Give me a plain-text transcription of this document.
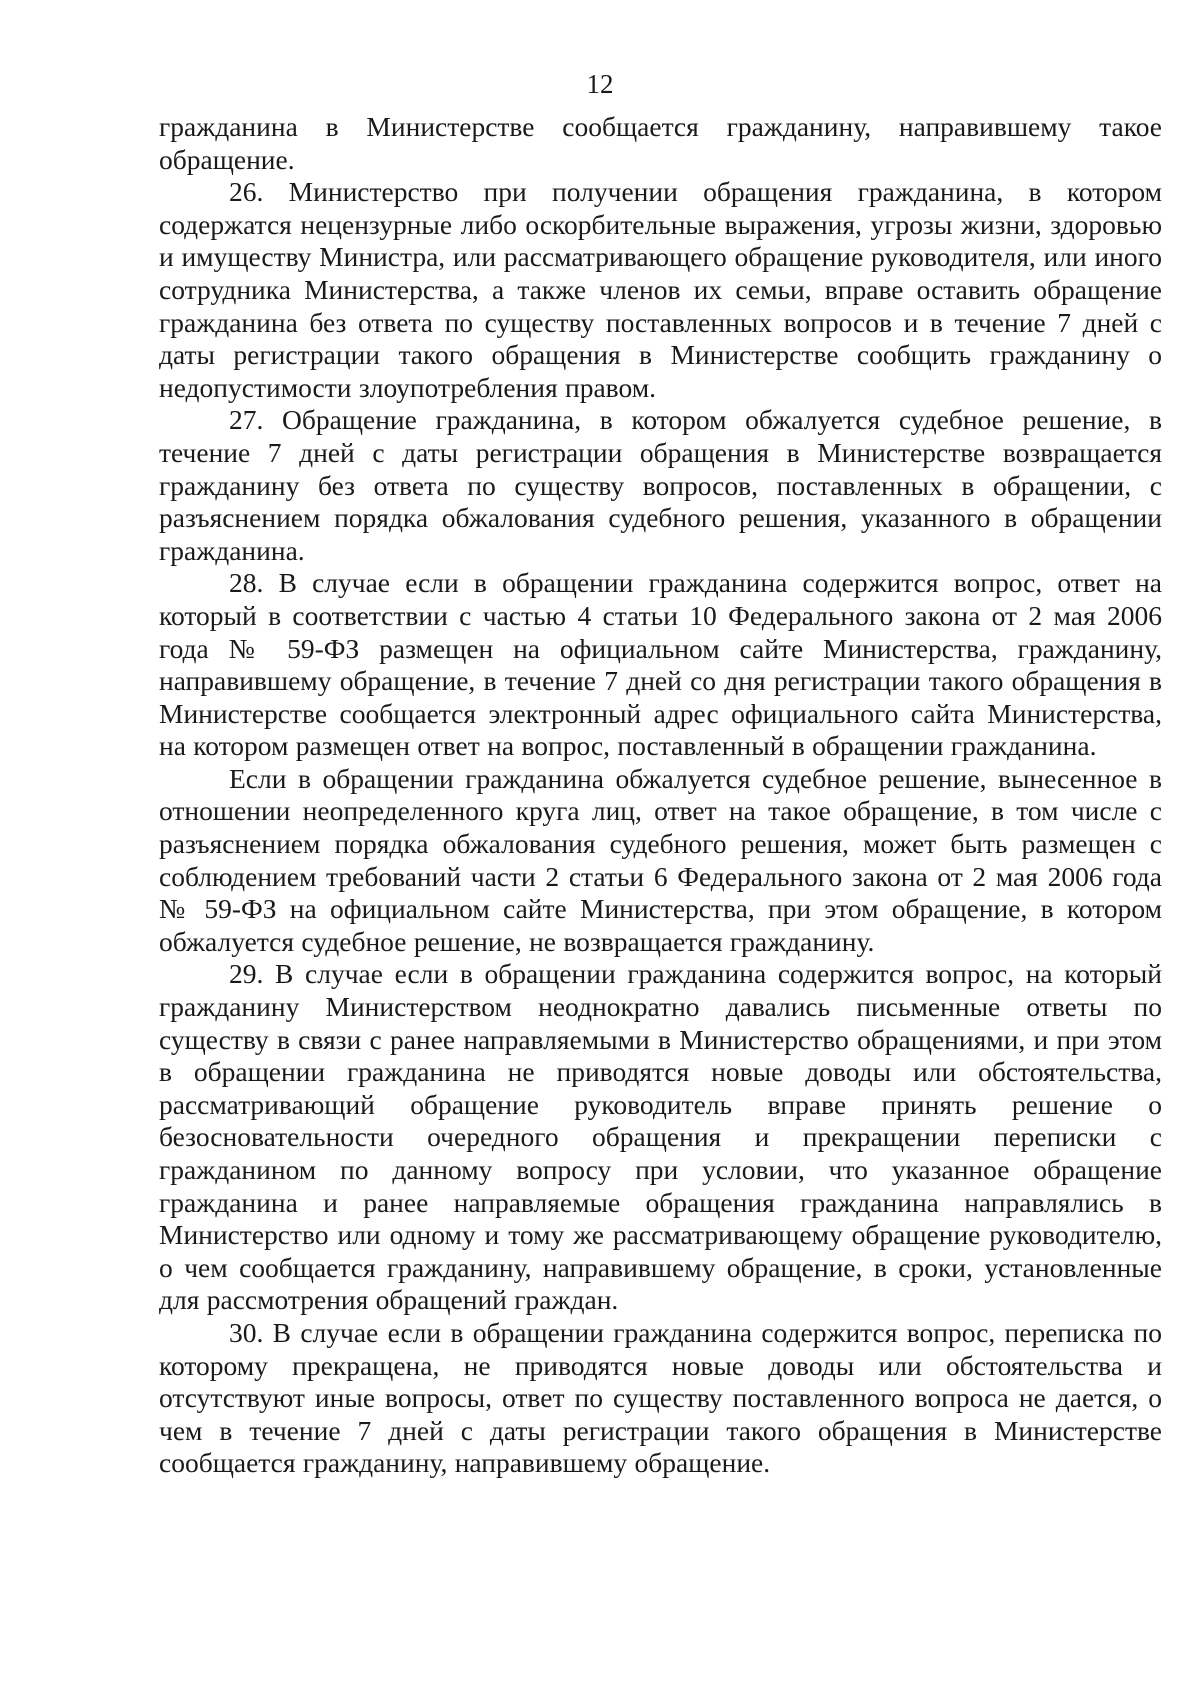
12

гражданина в Министерстве сообщается гражданину, направившему такое обращение.

26. Министерство при получении обращения гражданина, в котором содержатся нецензурные либо оскорбительные выражения, угрозы жизни, здоровью и имуществу Министра, или рассматривающего обращение руководителя, или иного сотрудника Министерства, а также членов их семьи, вправе оставить обращение гражданина без ответа по существу поставленных вопросов и в течение 7 дней с даты регистрации такого обращения в Министерстве сообщить гражданину о недопустимости злоупотребления правом.

27. Обращение гражданина, в котором обжалуется судебное решение, в течение 7 дней с даты регистрации обращения в Министерстве возвращается гражданину без ответа по существу вопросов, поставленных в обращении, с разъяснением порядка обжалования судебного решения, указанного в обращении гражданина.

28. В случае если в обращении гражданина содержится вопрос, ответ на который в соответствии с частью 4 статьи 10 Федерального закона от 2 мая 2006 года № 59-ФЗ размещен на официальном сайте Министерства, гражданину, направившему обращение, в течение 7 дней со дня регистрации такого обращения в Министерстве сообщается электронный адрес официального сайта Министерства, на котором размещен ответ на вопрос, поставленный в обращении гражданина.

Если в обращении гражданина обжалуется судебное решение, вынесенное в отношении неопределенного круга лиц, ответ на такое обращение, в том числе с разъяснением порядка обжалования судебного решения, может быть размещен с соблюдением требований части 2 статьи 6 Федерального закона от 2 мая 2006 года № 59-ФЗ на официальном сайте Министерства, при этом обращение, в котором обжалуется судебное решение, не возвращается гражданину.

29. В случае если в обращении гражданина содержится вопрос, на который гражданину Министерством неоднократно давались письменные ответы по существу в связи с ранее направляемыми в Министерство обращениями, и при этом в обращении гражданина не приводятся новые доводы или обстоятельства, рассматривающий обращение руководитель вправе принять решение о безосновательности очередного обращения и прекращении переписки с гражданином по данному вопросу при условии, что указанное обращение гражданина и ранее направляемые обращения гражданина направлялись в Министерство или одному и тому же рассматривающему обращение руководителю, о чем сообщается гражданину, направившему обращение, в сроки, установленные для рассмотрения обращений граждан.

30. В случае если в обращении гражданина содержится вопрос, переписка по которому прекращена, не приводятся новые доводы или обстоятельства и отсутствуют иные вопросы, ответ по существу поставленного вопроса не дается, о чем в течение 7 дней с даты регистрации такого обращения в Министерстве сообщается гражданину, направившему обращение.
